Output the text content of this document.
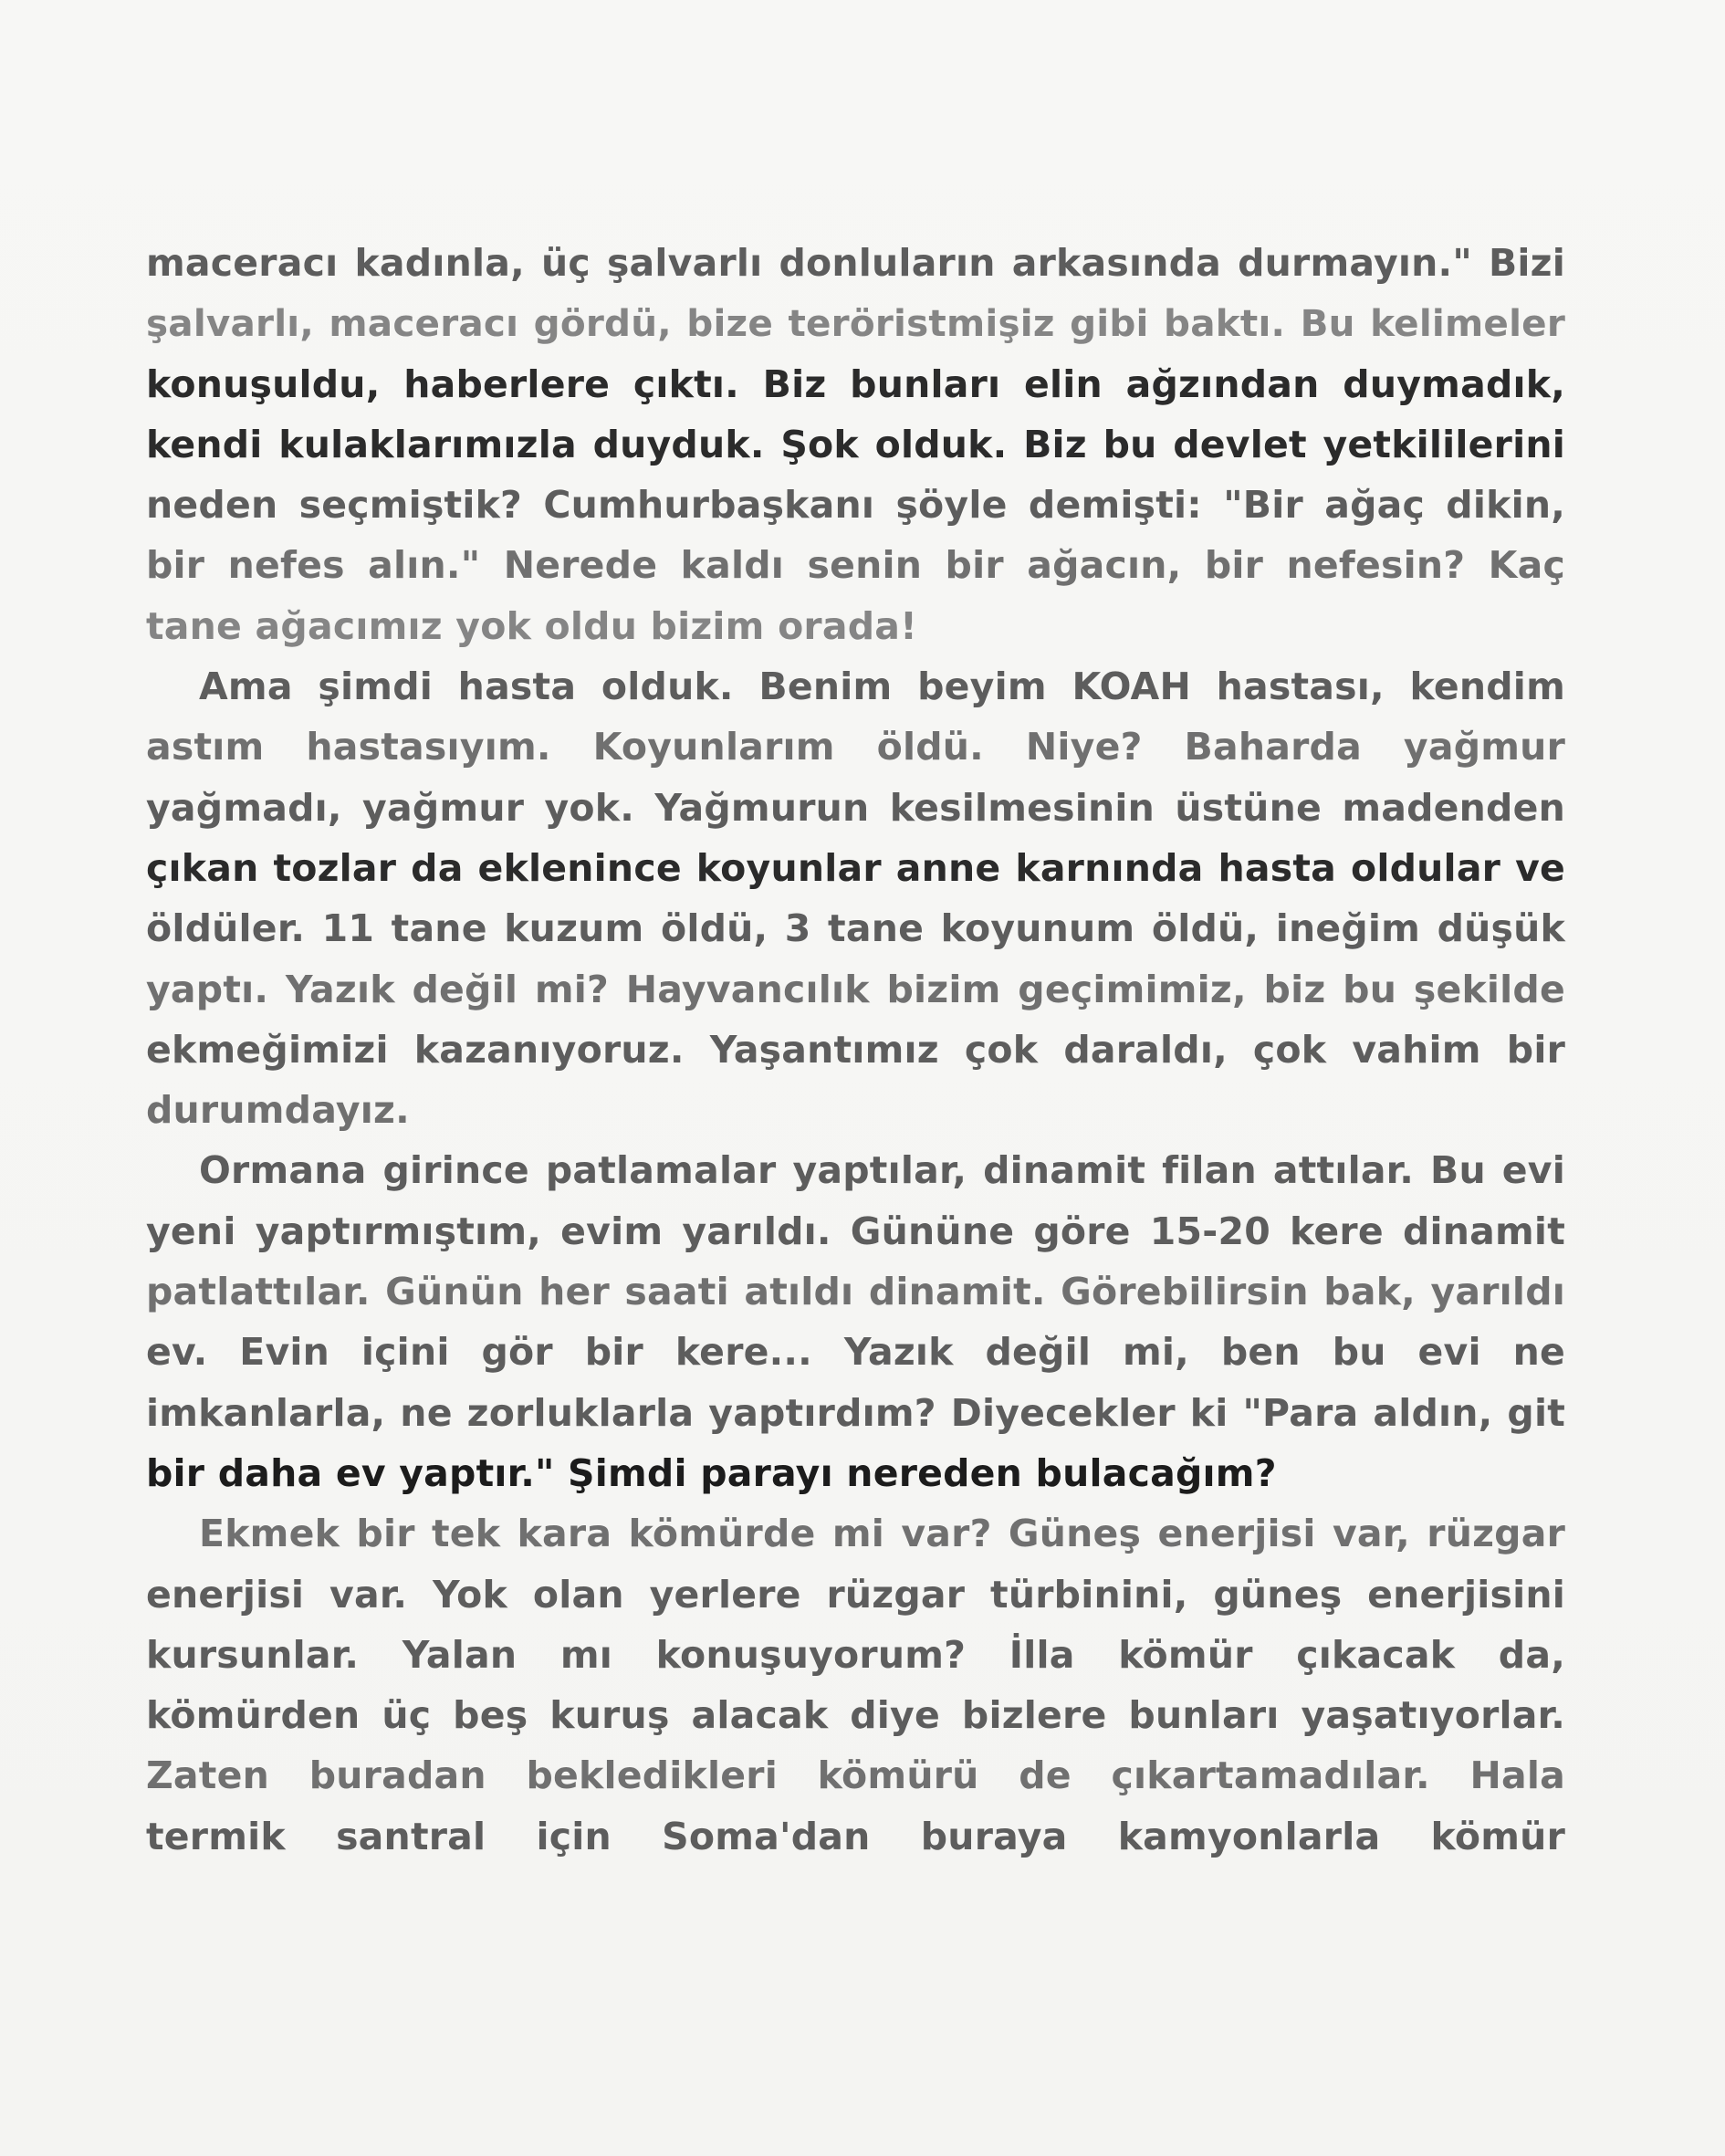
maceracı kadınla, üç şalvarlı donluların arkasında durmayın." Bizi
şalvarlı, maceracı gördü, bize teröristmişiz gibi baktı. Bu kelimeler
konuşuldu, haberlere çıktı. Biz bunları elin ağzından duymadık,
kendi kulaklarımızla duyduk. Şok olduk. Biz bu devlet yetkililerini
neden seçmiştik? Cumhurbaşkanı şöyle demişti: "Bir ağaç dikin,
bir nefes alın." Nerede kaldı senin bir ağacın, bir nefesin? Kaç
tane ağacımız yok oldu bizim orada!
Ama şimdi hasta olduk. Benim beyim KOAH hastası, kendim
astım hastasıyım. Koyunlarım öldü. Niye? Baharda yağmur
yağmadı, yağmur yok. Yağmurun kesilmesinin üstüne madenden
çıkan tozlar da eklenince koyunlar anne karnında hasta oldular ve
öldüler. 11 tane kuzum öldü, 3 tane koyunum öldü, ineğim düşük
yaptı. Yazık değil mi? Hayvancılık bizim geçimimiz, biz bu şekilde
ekmeğimizi kazanıyoruz. Yaşantımız çok daraldı, çok vahim bir
durumdayız.
Ormana girince patlamalar yaptılar, dinamit filan attılar. Bu evi
yeni yaptırmıştım, evim yarıldı. Gününe göre 15-20 kere dinamit
patlattılar. Günün her saati atıldı dinamit. Görebilirsin bak, yarıldı
ev. Evin içini gör bir kere... Yazık değil mi, ben bu evi ne
imkanlarla, ne zorluklarla yaptırdım? Diyecekler ki "Para aldın, git
bir daha ev yaptır." Şimdi parayı nereden bulacağım?
Ekmek bir tek kara kömürde mi var? Güneş enerjisi var, rüzgar
enerjisi var. Yok olan yerlere rüzgar türbinini, güneş enerjisini
kursunlar. Yalan mı konuşuyorum? İlla kömür çıkacak da,
kömürden üç beş kuruş alacak diye bizlere bunları yaşatıyorlar.
Zaten buradan bekledikleri kömürü de çıkartamadılar. Hala
termik santral için Soma'dan buraya kamyonlarla kömür
